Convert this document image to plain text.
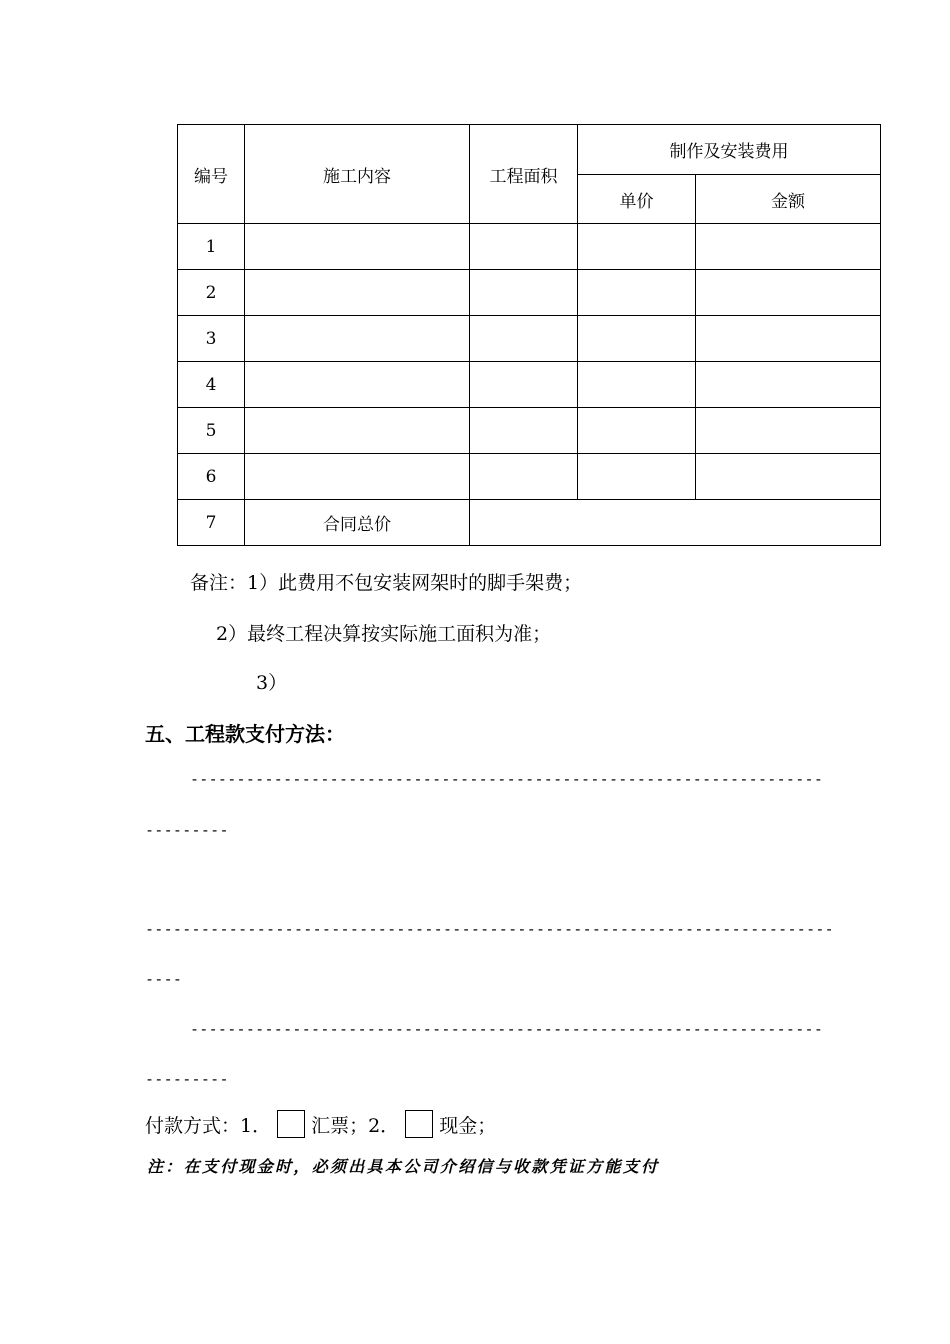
编号	施工内容	工程面积	制作及安装费用	
			单价	金额
1				
2				
3				
4				
5				
6				
7	合同总价			
备注：1）此费用不包安装网架时的脚手架费；
2）最终工程决算按实际施工面积为准；
3）
五、工程款支付方法：
--------------------------------------------------------------------
---------
--------------------------------------------------------------------------
----
--------------------------------------------------------------------
---------
付款方式：1． 汇票；2． 现金；
注：在支付现金时，必须出具本公司介绍信与收款凭证方能支付
